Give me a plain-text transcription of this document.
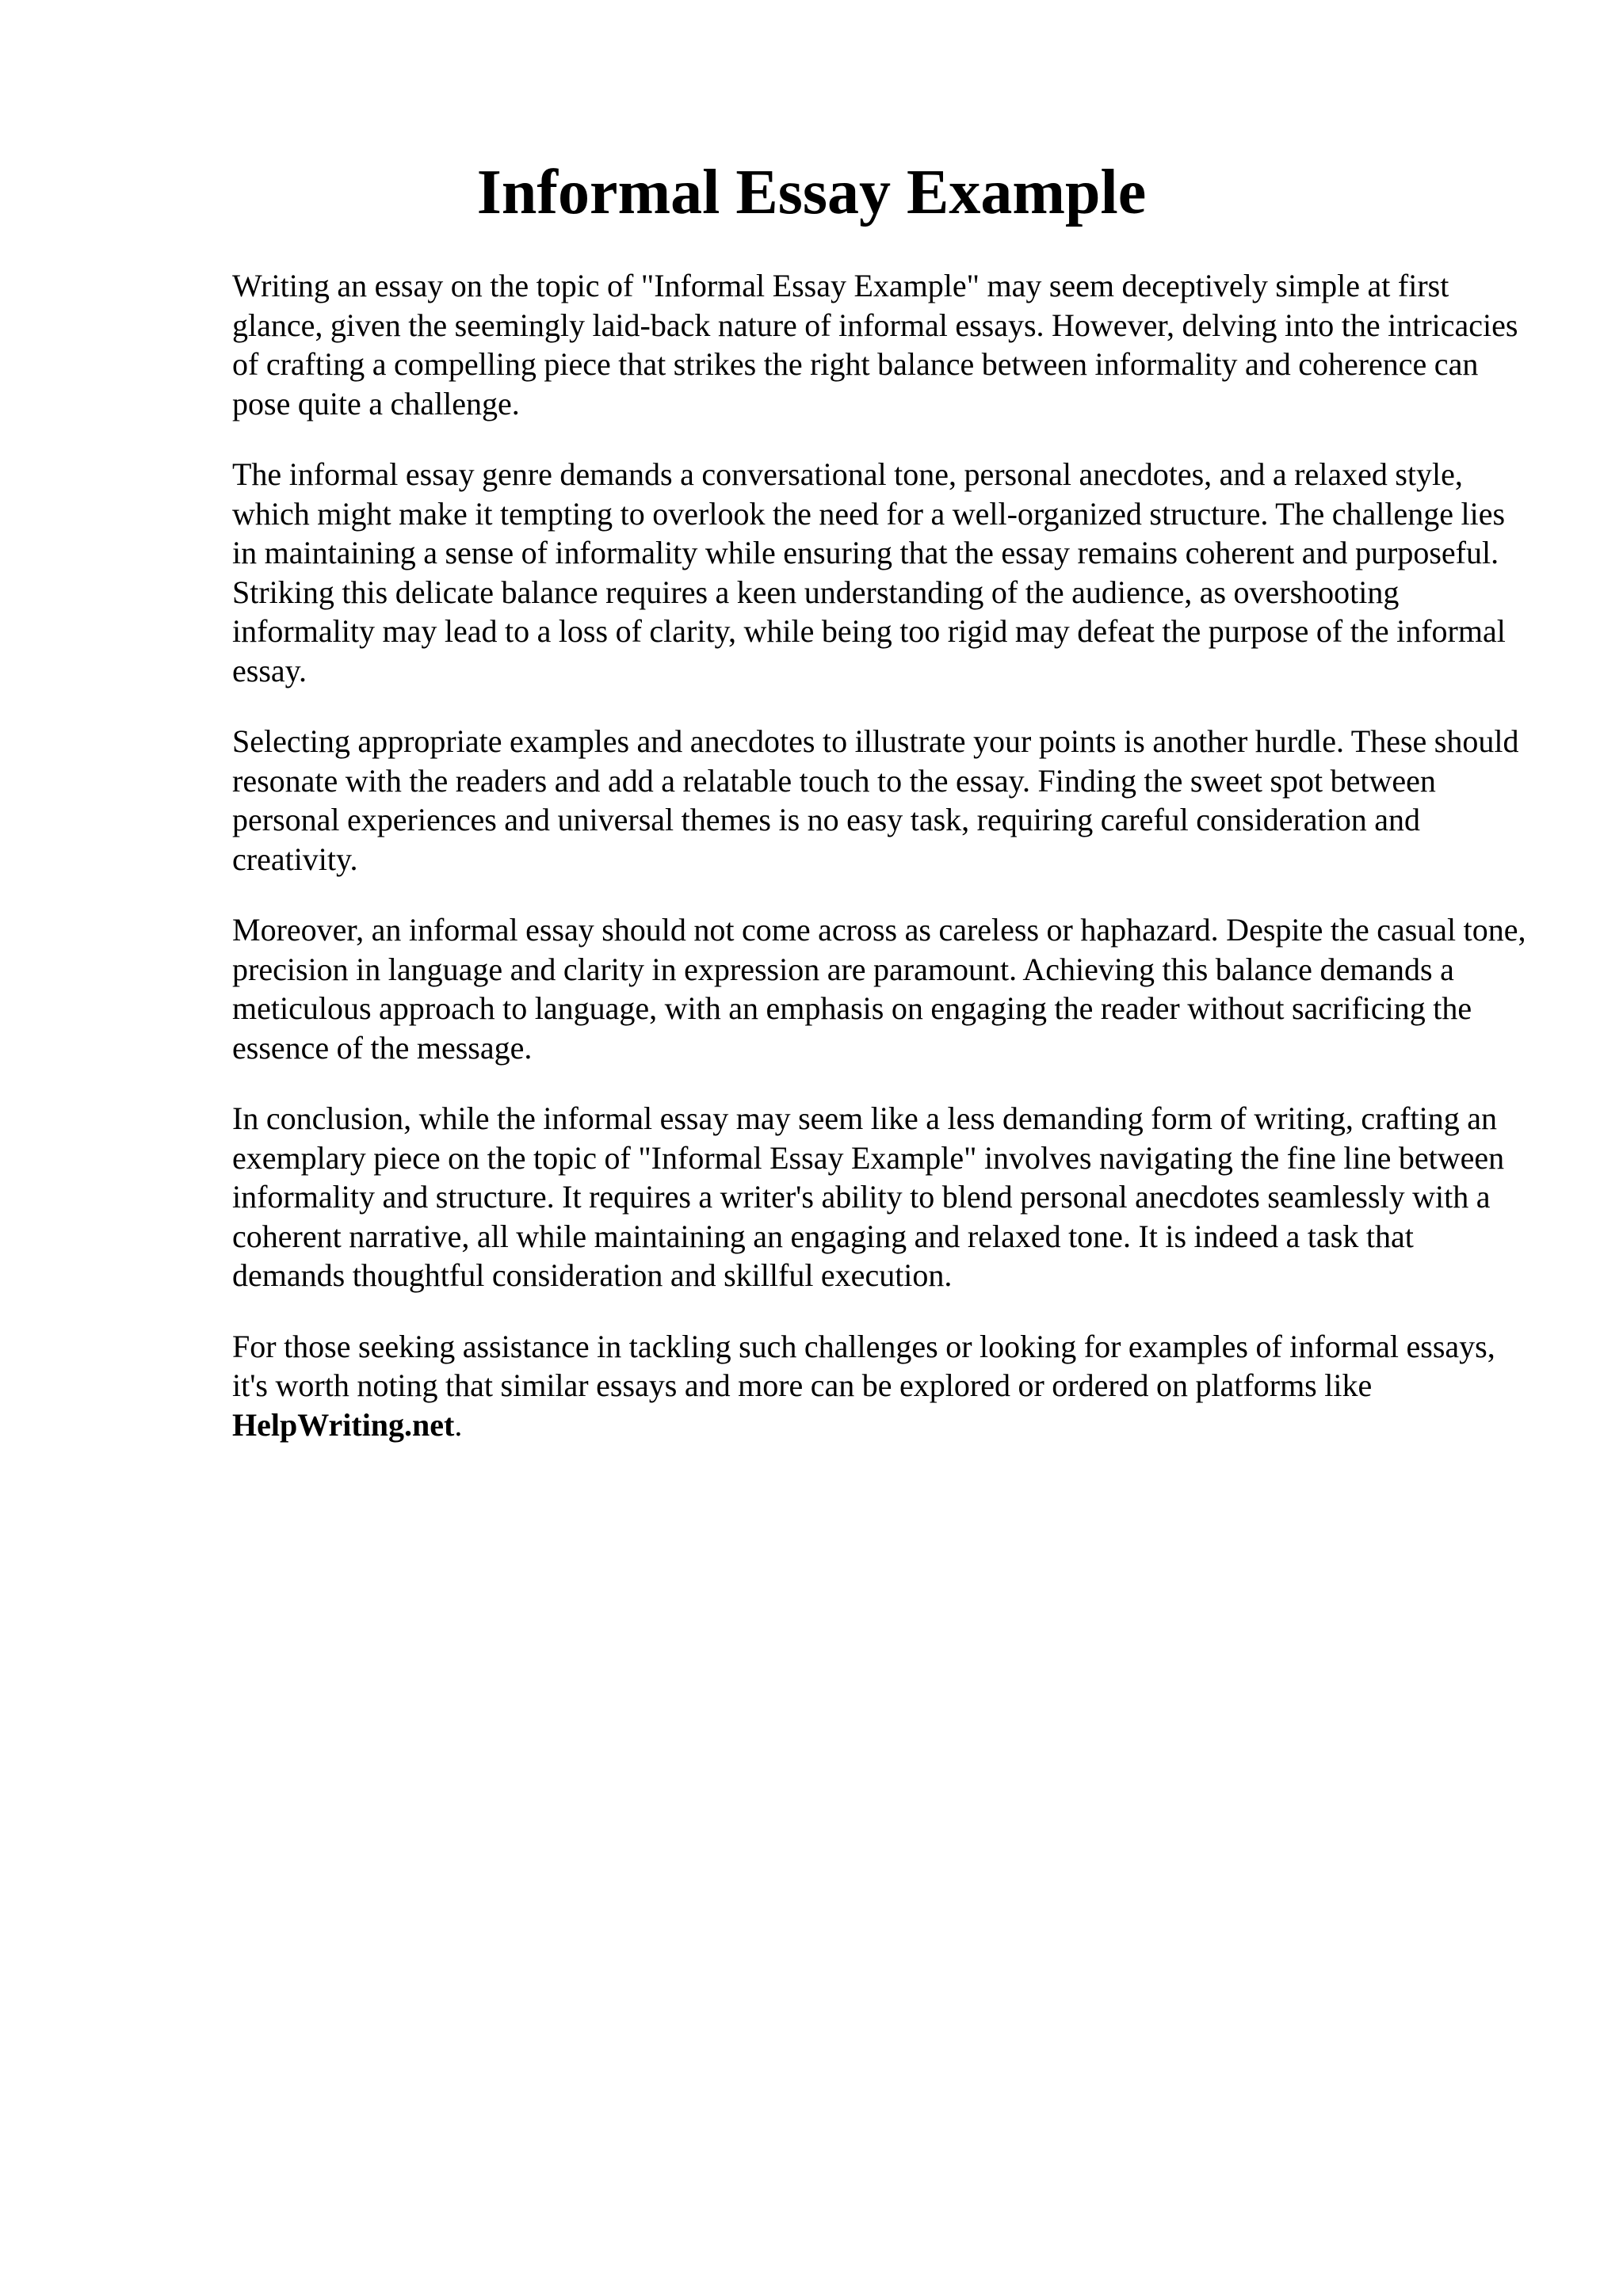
Informal Essay Example

Writing an essay on the topic of "Informal Essay Example" may seem deceptively simple at first glance, given the seemingly laid-back nature of informal essays. However, delving into the intricacies of crafting a compelling piece that strikes the right balance between informality and coherence can pose quite a challenge.

The informal essay genre demands a conversational tone, personal anecdotes, and a relaxed style, which might make it tempting to overlook the need for a well-organized structure. The challenge lies in maintaining a sense of informality while ensuring that the essay remains coherent and purposeful. Striking this delicate balance requires a keen understanding of the audience, as overshooting informality may lead to a loss of clarity, while being too rigid may defeat the purpose of the informal essay.

Selecting appropriate examples and anecdotes to illustrate your points is another hurdle. These should resonate with the readers and add a relatable touch to the essay. Finding the sweet spot between personal experiences and universal themes is no easy task, requiring careful consideration and creativity.

Moreover, an informal essay should not come across as careless or haphazard. Despite the casual tone, precision in language and clarity in expression are paramount. Achieving this balance demands a meticulous approach to language, with an emphasis on engaging the reader without sacrificing the essence of the message.

In conclusion, while the informal essay may seem like a less demanding form of writing, crafting an exemplary piece on the topic of "Informal Essay Example" involves navigating the fine line between informality and structure. It requires a writer's ability to blend personal anecdotes seamlessly with a coherent narrative, all while maintaining an engaging and relaxed tone. It is indeed a task that demands thoughtful consideration and skillful execution.

For those seeking assistance in tackling such challenges or looking for examples of informal essays, it's worth noting that similar essays and more can be explored or ordered on platforms like HelpWriting.net.
